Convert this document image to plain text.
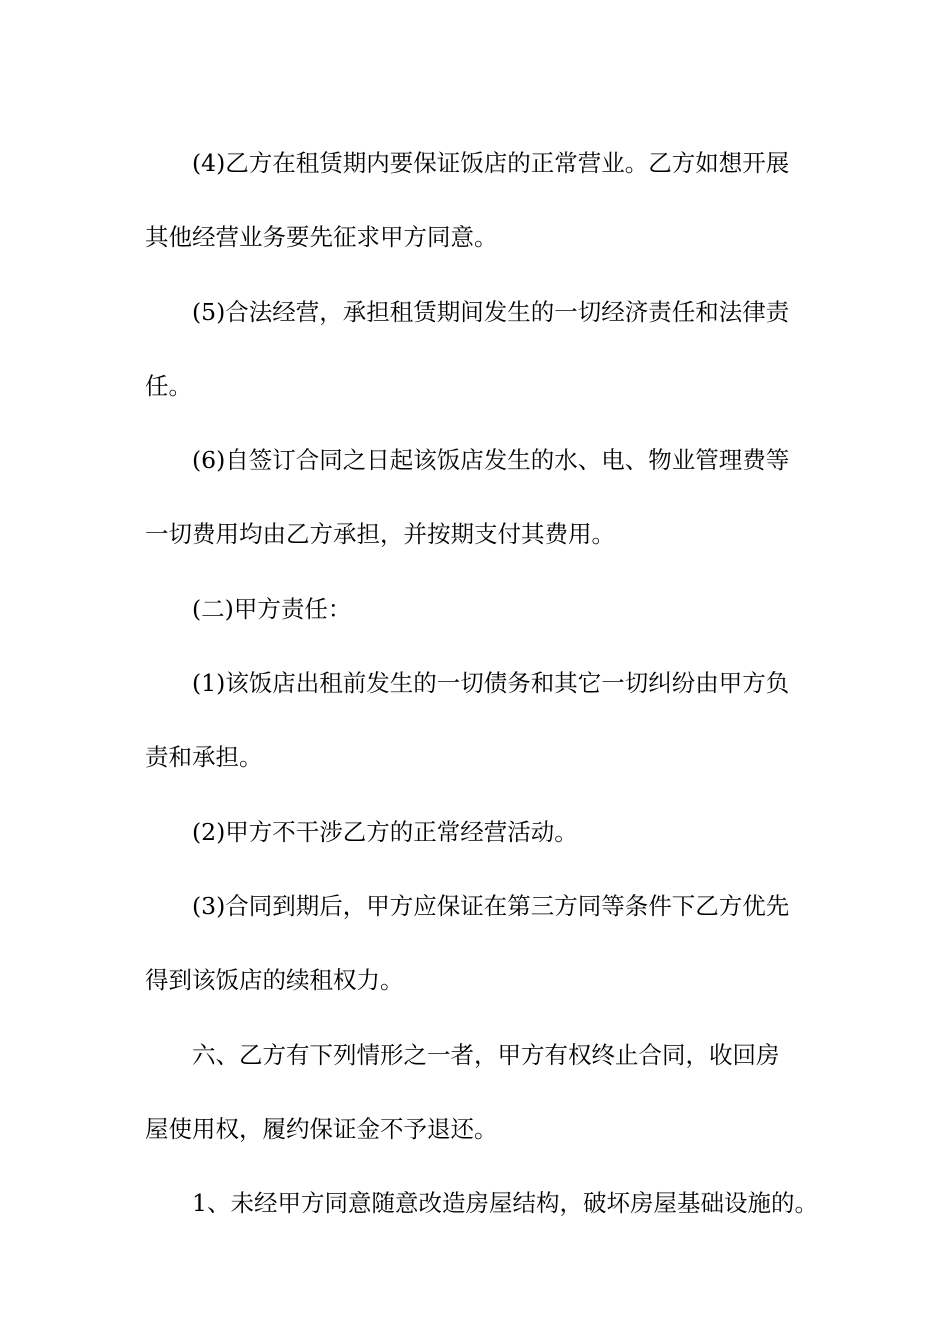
(4)乙方在租赁期内要保证饭店的正常营业。乙方如想开展
其他经营业务要先征求甲方同意。

(5)合法经营，承担租赁期间发生的一切经济责任和法律责
任。

(6)自签订合同之日起该饭店发生的水、电、物业管理费等
一切费用均由乙方承担，并按期支付其费用。

(二)甲方责任：

(1)该饭店出租前发生的一切债务和其它一切纠纷由甲方负
责和承担。

(2)甲方不干涉乙方的正常经营活动。

(3)合同到期后，甲方应保证在第三方同等条件下乙方优先
得到该饭店的续租权力。

六、乙方有下列情形之一者，甲方有权终止合同，收回房
屋使用权，履约保证金不予退还。

1、未经甲方同意随意改造房屋结构，破坏房屋基础设施的。
